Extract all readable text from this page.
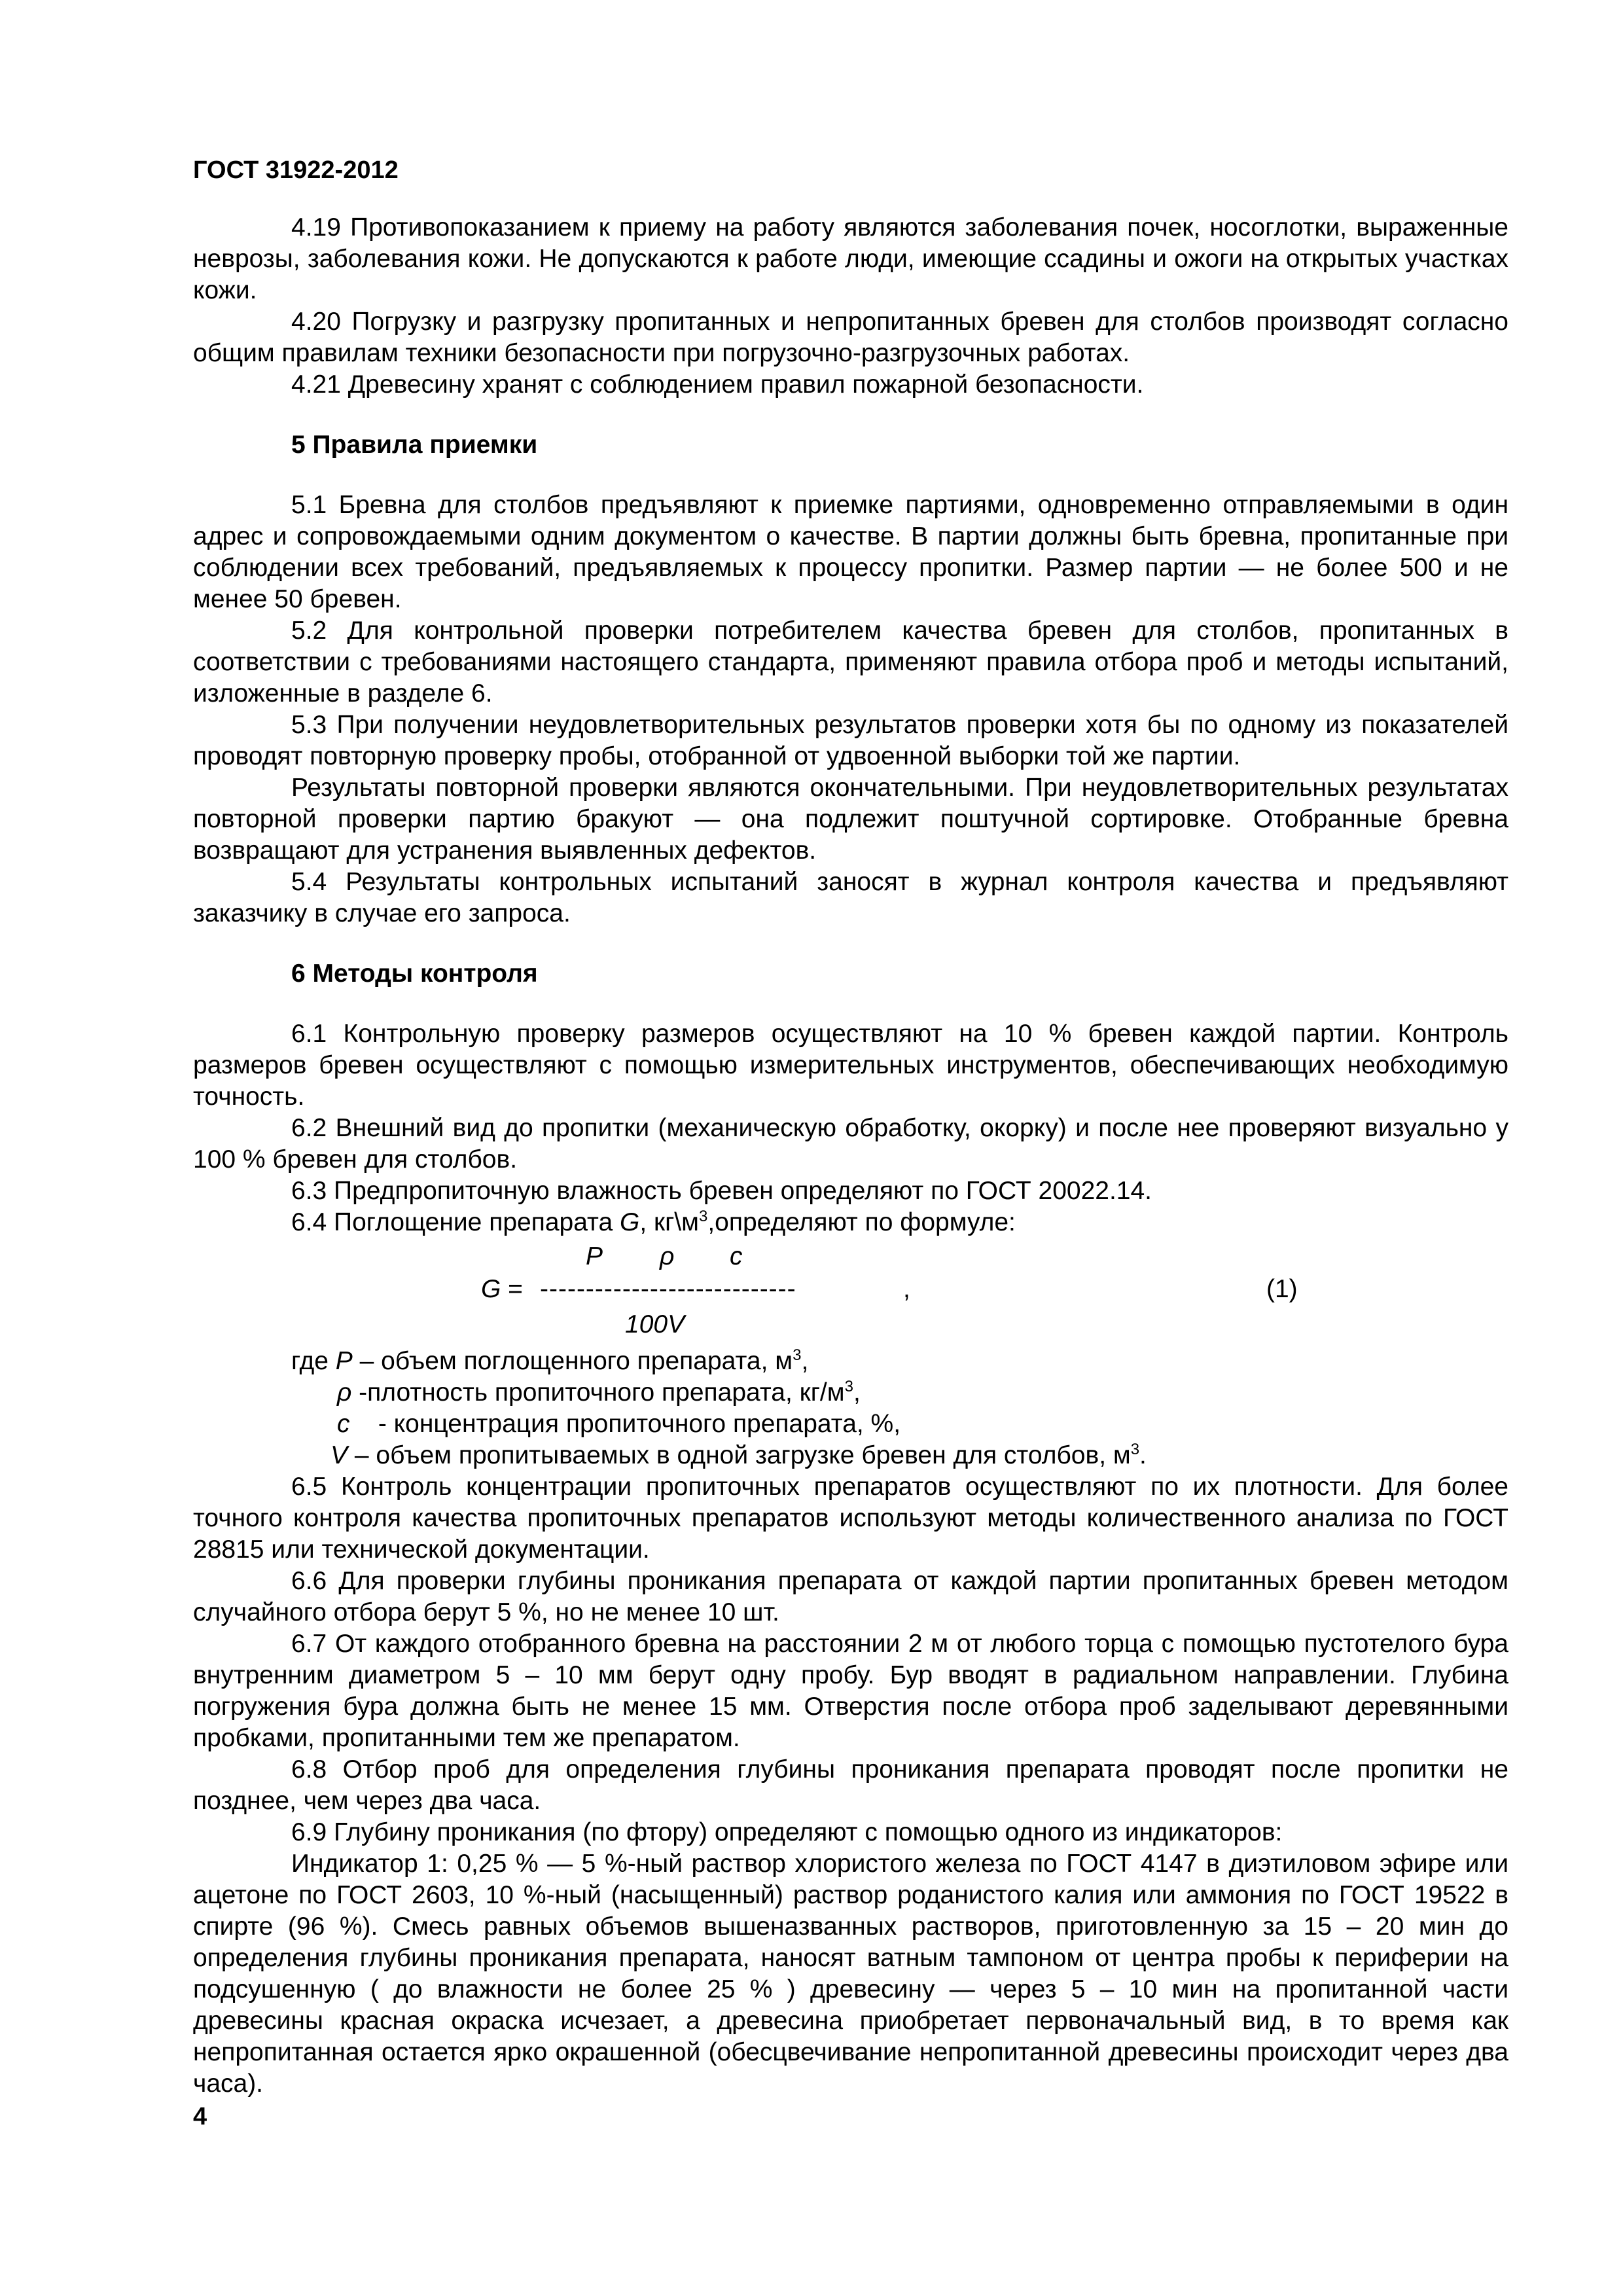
ГОСТ 31922-2012

4.19 Противопоказанием к приему на работу являются заболевания почек, носоглотки, выраженные неврозы, заболевания кожи. Не допускаются к работе люди, имеющие ссадины и ожоги на открытых участках кожи.

4.20 Погрузку и разгрузку пропитанных и непропитанных бревен для столбов производят согласно общим правилам техники безопасности при погрузочно-разгрузочных работах.

4.21 Древесину хранят с соблюдением правил пожарной безопасности.

5 Правила приемки

5.1 Бревна для столбов предъявляют к приемке партиями, одновременно отправляемыми в один адрес и сопровождаемыми одним документом о качестве. В партии должны быть бревна, пропитанные при соблюдении всех требований, предъявляемых к процессу пропитки. Размер партии — не более 500 и не менее 50 бревен.

5.2 Для контрольной проверки потребителем качества бревен для столбов, пропитанных в соответствии с требованиями настоящего стандарта, применяют правила отбора проб и методы испытаний, изложенные в разделе 6.

5.3 При получении неудовлетворительных результатов проверки хотя бы по одному из показателей проводят повторную проверку пробы, отобранной от удвоенной выборки той же партии.

Результаты повторной проверки являются окончательными. При неудовлетворительных результатах повторной проверки партию бракуют — она подлежит поштучной сортировке. Отобранные бревна возвращают для устранения выявленных дефектов.

5.4 Результаты контрольных испытаний заносят в журнал контроля качества и предъявляют заказчику в случае его запроса.

6 Методы контроля

6.1 Контрольную проверку размеров осуществляют на 10 % бревен каждой партии. Контроль размеров бревен осуществляют с помощью измерительных инструментов, обеспечивающих необходимую точность.

6.2 Внешний вид до пропитки (механическую обработку, окорку) и после нее проверяют визуально у 100 % бревен для столбов.

6.3 Предпропиточную влажность бревен определяют по ГОСТ 20022.14.

6.4 Поглощение препарата G, $кг\backslash м^3,определяют$ по формуле:

P ρ c
G = ----------------------------	,	(1)
100V

где P – объем поглощенного препарата, $м^3$,

ρ -плотность пропиточного препарата, $кг/м^3$,

c    - концентрация пропиточного препарата, %,

V – объем пропитываемых в одной загрузке бревен для столбов, $м^3$.

6.5 Контроль концентрации пропиточных препаратов осуществляют по их плотности. Для более точного контроля качества пропиточных препаратов используют методы количественного анализа по ГОСТ 28815 или технической документации.

6.6 Для проверки глубины проникания препарата от каждой партии пропитанных бревен методом случайного отбора берут 5 %, но не менее 10 шт.

6.7 От каждого отобранного бревна на расстоянии 2 м от любого торца с помощью пустотелого бура внутренним диаметром 5 – 10 мм берут одну пробу. Бур вводят в радиальном направлении. Глубина погружения бура должна быть не менее 15 мм. Отверстия после отбора проб заделывают деревянными пробками, пропитанными тем же препаратом.

6.8 Отбор проб для определения глубины проникания препарата проводят после пропитки не позднее, чем через два часа.

6.9 Глубину проникания (по фтору) определяют с помощью одного из индикаторов:

Индикатор 1: 0,25 % — 5 %-ный раствор хлористого железа по ГОСТ 4147 в диэтиловом эфире или ацетоне по ГОСТ 2603, 10 %-ный (насыщенный) раствор роданистого калия или аммония по ГОСТ 19522 в спирте (96 %). Смесь равных объемов вышеназванных растворов, приготовленную за 15 – 20 мин до определения глубины проникания препарата, наносят ватным тампоном от центра пробы к периферии на подсушенную ( до влажности не более 25 % ) древесину — через 5 – 10 мин на пропитанной части древесины красная окраска исчезает, а древесина приобретает первоначальный вид, в то время как непропитанная остается ярко окрашенной (обесцвечивание непропитанной древесины происходит через два часа).

4
